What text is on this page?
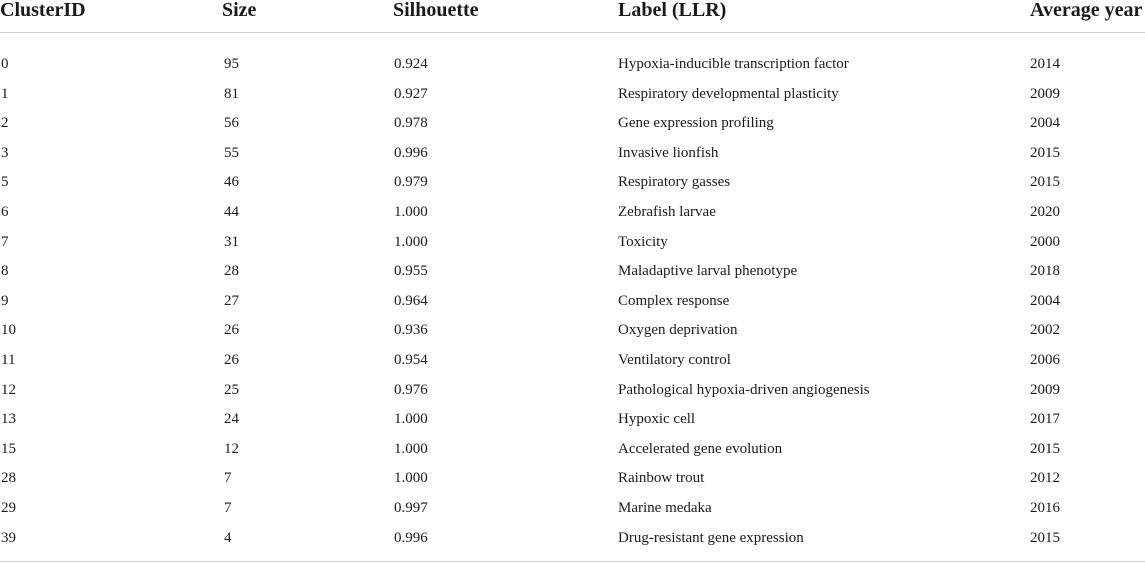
ClusterID	Size	Silhouette	Label (LLR)	Average year
0	95	0.924	Hypoxia-inducible transcription factor	2014
1	81	0.927	Respiratory developmental plasticity	2009
2	56	0.978	Gene expression profiling	2004
3	55	0.996	Invasive lionfish	2015
5	46	0.979	Respiratory gasses	2015
6	44	1.000	Zebrafish larvae	2020
7	31	1.000	Toxicity	2000
8	28	0.955	Maladaptive larval phenotype	2018
9	27	0.964	Complex response	2004
10	26	0.936	Oxygen deprivation	2002
11	26	0.954	Ventilatory control	2006
12	25	0.976	Pathological hypoxia-driven angiogenesis	2009
13	24	1.000	Hypoxic cell	2017
15	12	1.000	Accelerated gene evolution	2015
28	7	1.000	Rainbow trout	2012
29	7	0.997	Marine medaka	2016
39	4	0.996	Drug-resistant gene expression	2015
